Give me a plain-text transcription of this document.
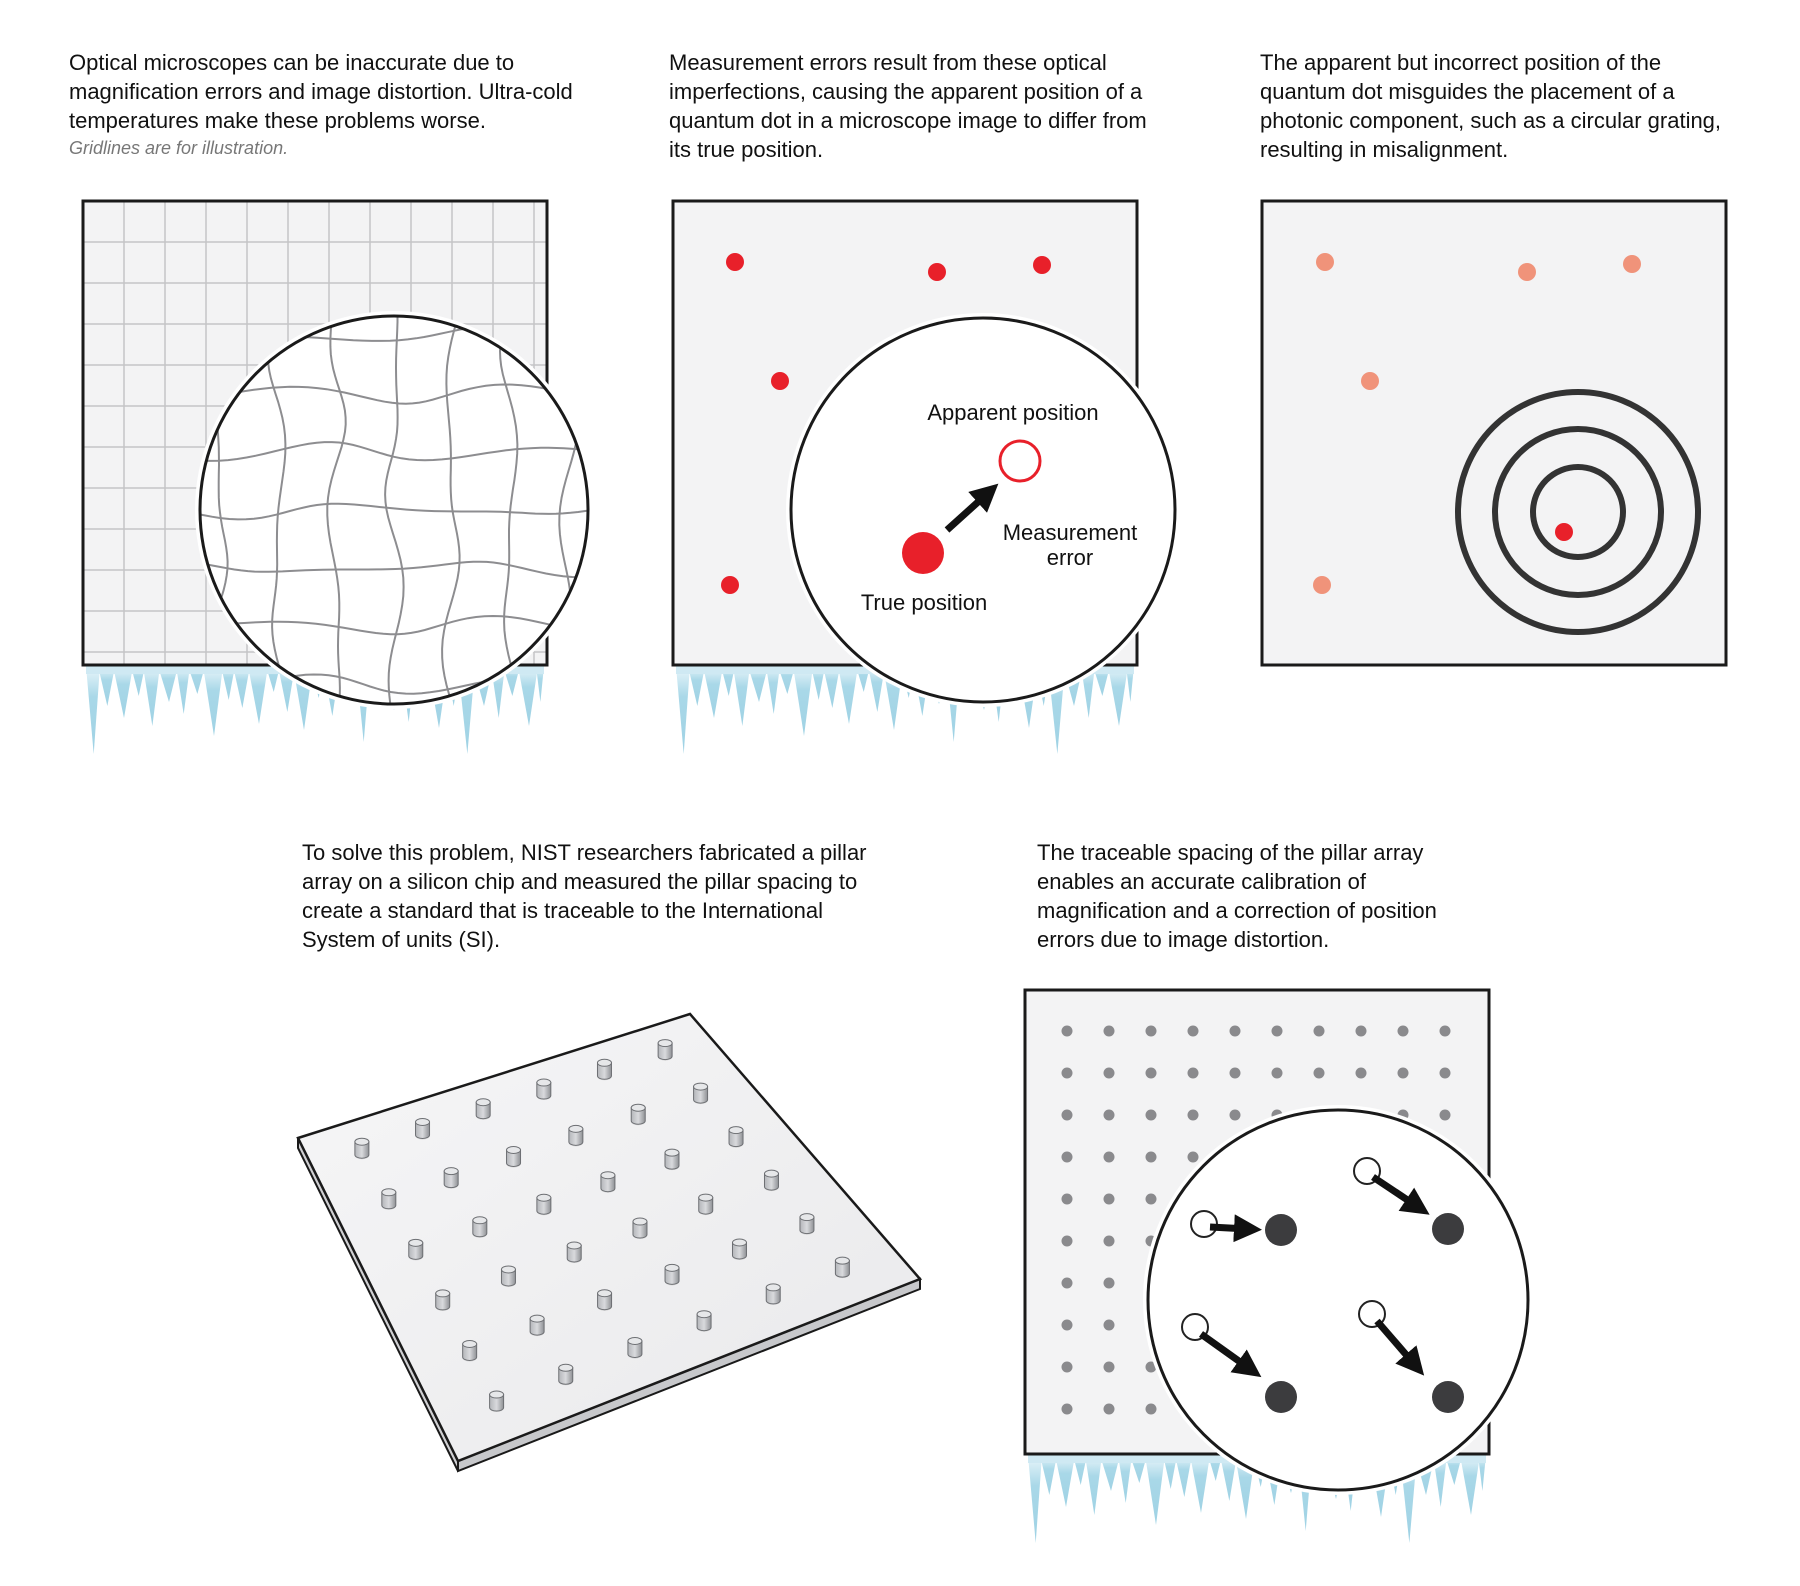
Optical microscopes can be inaccurate due to magnification errors and image distortion. Ultra-cold temperatures make these problems worse.

Gridlines are for illustration.

Measurement errors result from these optical imperfections, causing the apparent position of a quantum dot in a microscope image to differ from its true position.

The apparent but incorrect position of the quantum dot misguides the placement of a photonic component, such as a circular grating, resulting in misalignment.

To solve this problem, NIST researchers fabricated a pillar array on a silicon chip and measured the pillar spacing to create a standard that is traceable to the International System of units (SI).

The traceable spacing of the pillar array enables an accurate calibration of magnification and a correction of position errors due to image distortion.

Apparent position
Measurement
error
True position
